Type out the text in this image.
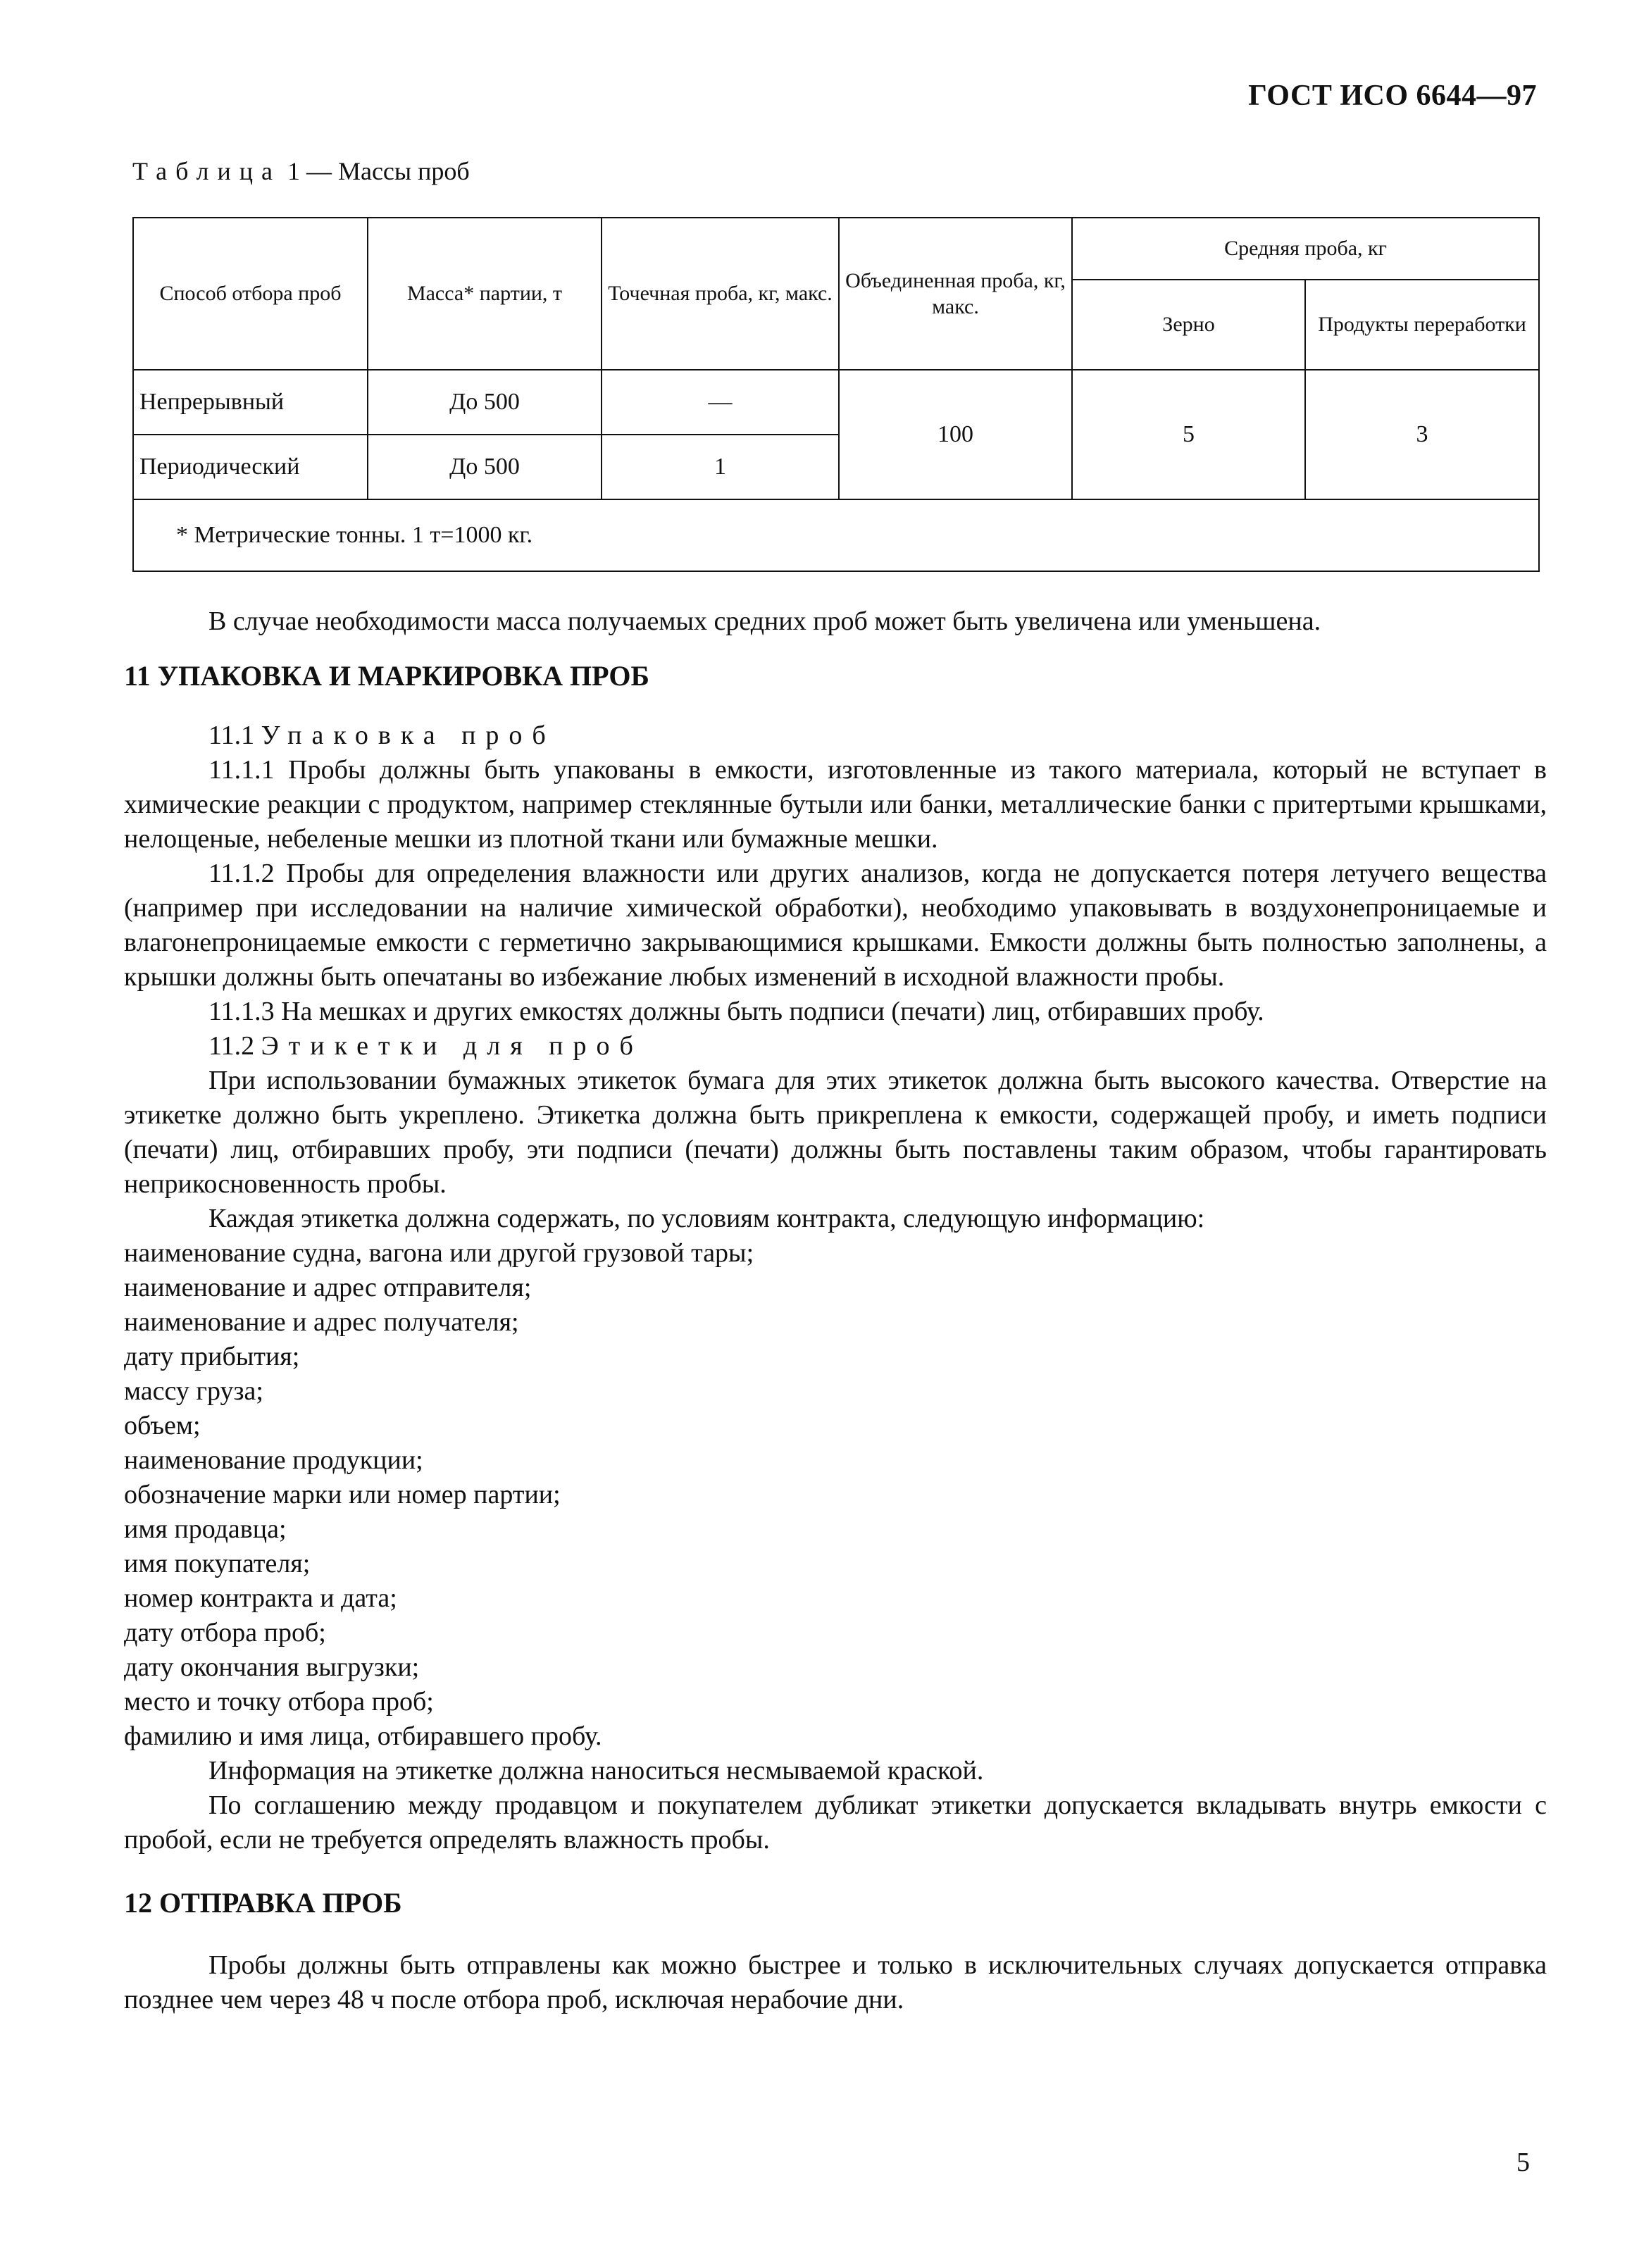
ГОСТ ИСО 6644—97
Таблица 1 — Массы проб
Способ отбора проб	Масса* партии, т	Точечная проба, кг, макс.	Объединенная проба, кг, макс.	Средняя проба, кг	
				Зерно	Продукты переработки
Непрерывный	До 500	—	100	5	3
Периодический	До 500	1			
* Метрические тонны. 1 т=1000 кг.					

В случае необходимости масса получаемых средних проб может быть увеличена или уменьшена.

11 УПАКОВКА И МАРКИРОВКА ПРОБ

11.1 Упаковка проб

11.1.1 Пробы должны быть упакованы в емкости, изготовленные из такого материала, который не вступает в химические реакции с продуктом, например стеклянные бутыли или банки, металлические банки с притертыми крышками, нелощеные, небеленые мешки из плотной ткани или бумажные мешки.

11.1.2 Пробы для определения влажности или других анализов, когда не допускается потеря летучего вещества (например при исследовании на наличие химической обработки), необходимо упаковывать в воздухонепроницаемые и влагонепроницаемые емкости с герметично закрывающимися крышками. Емкости должны быть полностью заполнены, а крышки должны быть опечатаны во избежание любых изменений в исходной влажности пробы.

11.1.3 На мешках и других емкостях должны быть подписи (печати) лиц, отбиравших пробу.

11.2 Этикетки для проб

При использовании бумажных этикеток бумага для этих этикеток должна быть высокого качества. Отверстие на этикетке должно быть укреплено. Этикетка должна быть прикреплена к емкости, содержащей пробу, и иметь подписи (печати) лиц, отбиравших пробу, эти подписи (печати) должны быть поставлены таким образом, чтобы гарантировать неприкосновенность пробы.

Каждая этикетка должна содержать, по условиям контракта, следующую информацию:

наименование судна, вагона или другой грузовой тары;

наименование и адрес отправителя;

наименование и адрес получателя;

дату прибытия;

массу груза;

объем;

наименование продукции;

обозначение марки или номер партии;

имя продавца;

имя покупателя;

номер контракта и дата;

дату отбора проб;

дату окончания выгрузки;

место и точку отбора проб;

фамилию и имя лица, отбиравшего пробу.

Информация на этикетке должна наноситься несмываемой краской.

По соглашению между продавцом и покупателем дубликат этикетки допускается вкладывать внутрь емкости с пробой, если не требуется определять влажность пробы.

12 ОТПРАВКА ПРОБ

Пробы должны быть отправлены как можно быстрее и только в исключительных случаях допускается отправка позднее чем через 48 ч после отбора проб, исключая нерабочие дни.

5
